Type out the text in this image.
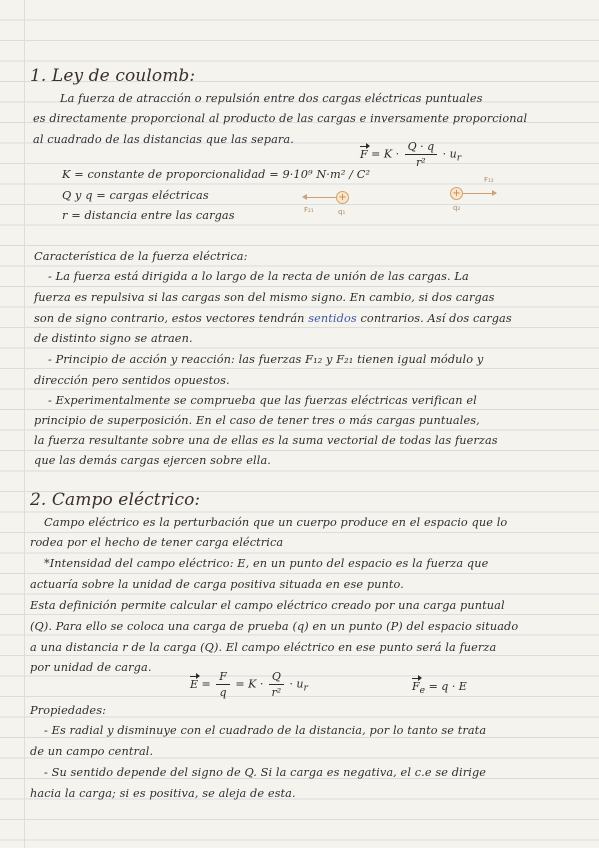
1. Ley de coulomb:
La fuerza de atracción o repulsión entre dos cargas eléctricas puntuales
es directamente proporcional al producto de las cargas e inversamente proporcional
al cuadrado de las distancias que las separa.
$F = K \cdot \frac{Q \cdot q}{\text{r²}} \cdot u_r$
K = constante de proporcionalidad = 9·10⁹ N·m² / C²
Q y q = cargas eléctricas
r = distancia entre las cargas
+	+
F₂₁
F₁₂
q₁	q₂
Característica de la fuerza eléctrica:
- La fuerza está dirigida a lo largo de la recta de unión de las cargas. La
fuerza es repulsiva si las cargas son del mismo signo. En cambio, si dos cargas
son de signo contrario, estos vectores tendrán sentidos contrarios. Así dos cargas
de distinto signo se atraen.
- Principio de acción y reacción: las fuerzas F₁₂ y F₂₁ tienen igual módulo y
dirección pero sentidos opuestos.
- Experimentalmente se comprueba que las fuerzas eléctricas verifican el
principio de superposición. En el caso de tener tres o más cargas puntuales,
la fuerza resultante sobre una de ellas es la suma vectorial de todas las fuerzas
que las demás cargas ejercen sobre ella.
2. Campo eléctrico:
Campo eléctrico es la perturbación que un cuerpo produce en el espacio que lo
rodea por el hecho de tener carga eléctrica
*Intensidad del campo eléctrico: E, en un punto del espacio es la fuerza que
actuaría sobre la unidad de carga positiva situada en ese punto.
Esta definición permite calcular el campo eléctrico creado por una carga puntual
(Q). Para ello se coloca una carga de prueba (q) en un punto (P) del espacio situado
a una distancia r de la carga (Q). El campo eléctrico en ese punto será la fuerza
por unidad de carga.
$E = \frac{F}{q} = K \cdot \frac{Q}{\text{r²}} \cdot u_r$	$F_e = q \cdot E$
Propiedades:
- Es radial y disminuye con el cuadrado de la distancia, por lo tanto se trata
de un campo central.
- Su sentido depende del signo de Q. Si la carga es negativa, el c.e se dirige
hacia la carga; si es positiva, se aleja de esta.
